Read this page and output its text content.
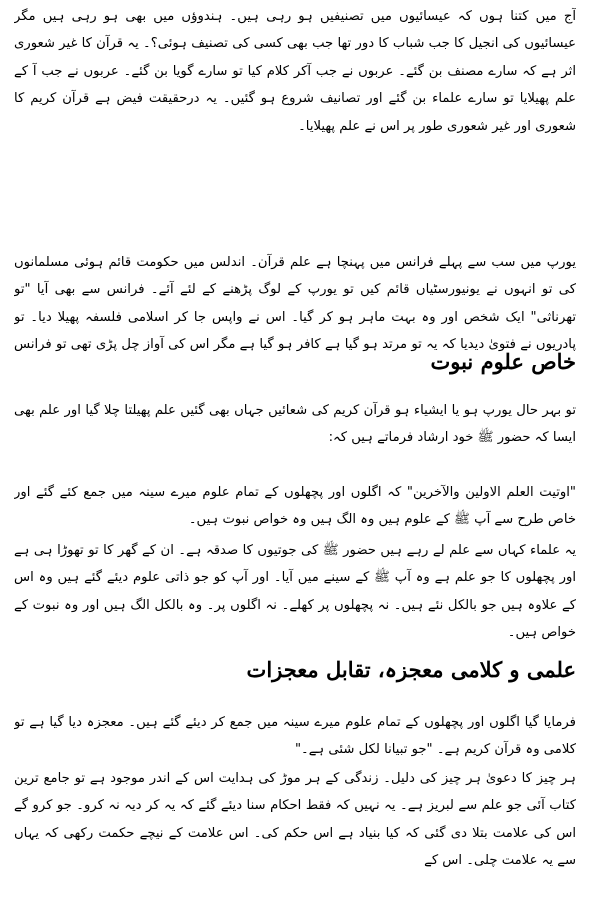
آج میں کتنا ہوں کہ عیسائیوں میں تصنیفیں ہو رہی ہیں۔ ہندوؤں میں بھی ہو رہی ہیں مگر عیسائیوں کی انجیل کا جب شباب کا دور تھا جب بھی کسی کی تصنیف ہوئی؟۔ یہ قرآن کا غیر شعوری اثر ہے کہ سارے مصنف بن گئے۔ عربوں نے جب آکر کلام کیا تو سارے گویا بن گئے۔ عربوں نے جب آ کے علم پھیلایا تو سارے علماء بن گئے اور تصانیف شروع ہو گئیں۔ یہ درحقیقت فیض ہے قرآن کریم کا شعوری اور غیر شعوری طور پر اس نے علم پھیلایا۔
یورپ میں سب سے پہلے فرانس میں پہنچا ہے علم قرآن۔ اندلس میں حکومت قائم ہوئی مسلمانوں کی تو انہوں نے یونیورسٹیاں قائم کیں تو یورپ کے لوگ پڑھنے کے لئے آئے۔ فرانس سے بھی آیا "تو تھرناثی" ایک شخص اور وہ بہت ماہر ہو کر گیا۔ اس نے واپس جا کر اسلامی فلسفہ پھیلا دیا۔ تو پادریوں نے فتویٰ دیدیا کہ یہ تو مرتد ہو گیا ہے کافر ہو گیا ہے مگر اس کی آواز چل پڑی تھی تو فرانس
خاص علوم نبوت
تو بہر حال یورپ ہو یا ایشیاء ہو قرآن کریم کی شعائیں جہاں بھی گئیں علم پھیلتا چلا گیا اور علم بھی ایسا کہ حضور ﷺ خود ارشاد فرماتے ہیں کہ:
"اوتیت العلم الاولین والآخرین" کہ اگلوں اور پچھلوں کے تمام علوم میرے سینہ میں جمع کئے گئے اور خاص طرح سے آپ ﷺ کے علوم ہیں وہ الگ ہیں وہ خواص نبوت ہیں۔
یہ علماء کہاں سے علم لے رہے ہیں حضور ﷺ کی جوتیوں کا صدقہ ہے۔ ان کے گھر کا تو تھوڑا ہی ہے اور پچھلوں کا جو علم ہے وہ آپ ﷺ کے سینے میں آیا۔ اور آپ کو جو ذاتی علوم دیئے گئے ہیں وہ اس کے علاوہ ہیں جو بالکل نئے ہیں۔ نہ پچھلوں پر کھلے۔ نہ اگلوں پر۔ وہ بالکل الگ ہیں اور وہ نبوت کے خواص ہیں۔
علمی و کلامی معجزہ، تقابل معجزات
فرمایا گیا اگلوں اور پچھلوں کے تمام علوم میرے سینہ میں جمع کر دیئے گئے ہیں۔ معجزہ دیا گیا ہے تو کلامی وہ قرآن کریم ہے۔ "جو تبیانا لکل شئی ہے۔"
ہر چیز کا دعویٰ ہر چیز کی دلیل۔ زندگی کے ہر موڑ کی ہدایت اس کے اندر موجود ہے تو جامع ترین کتاب آئی جو علم سے لبریز ہے۔ یہ نہیں کہ فقط احکام سنا دیئے گئے کہ یہ کر دیہ نہ کرو۔ جو کرو گے اس کی علامت بتلا دی گئی کہ کیا بنیاد ہے اس حکم کی۔ اس علامت کے نیچے حکمت رکھی کہ یہاں سے یہ علامت چلی۔ اس کے
